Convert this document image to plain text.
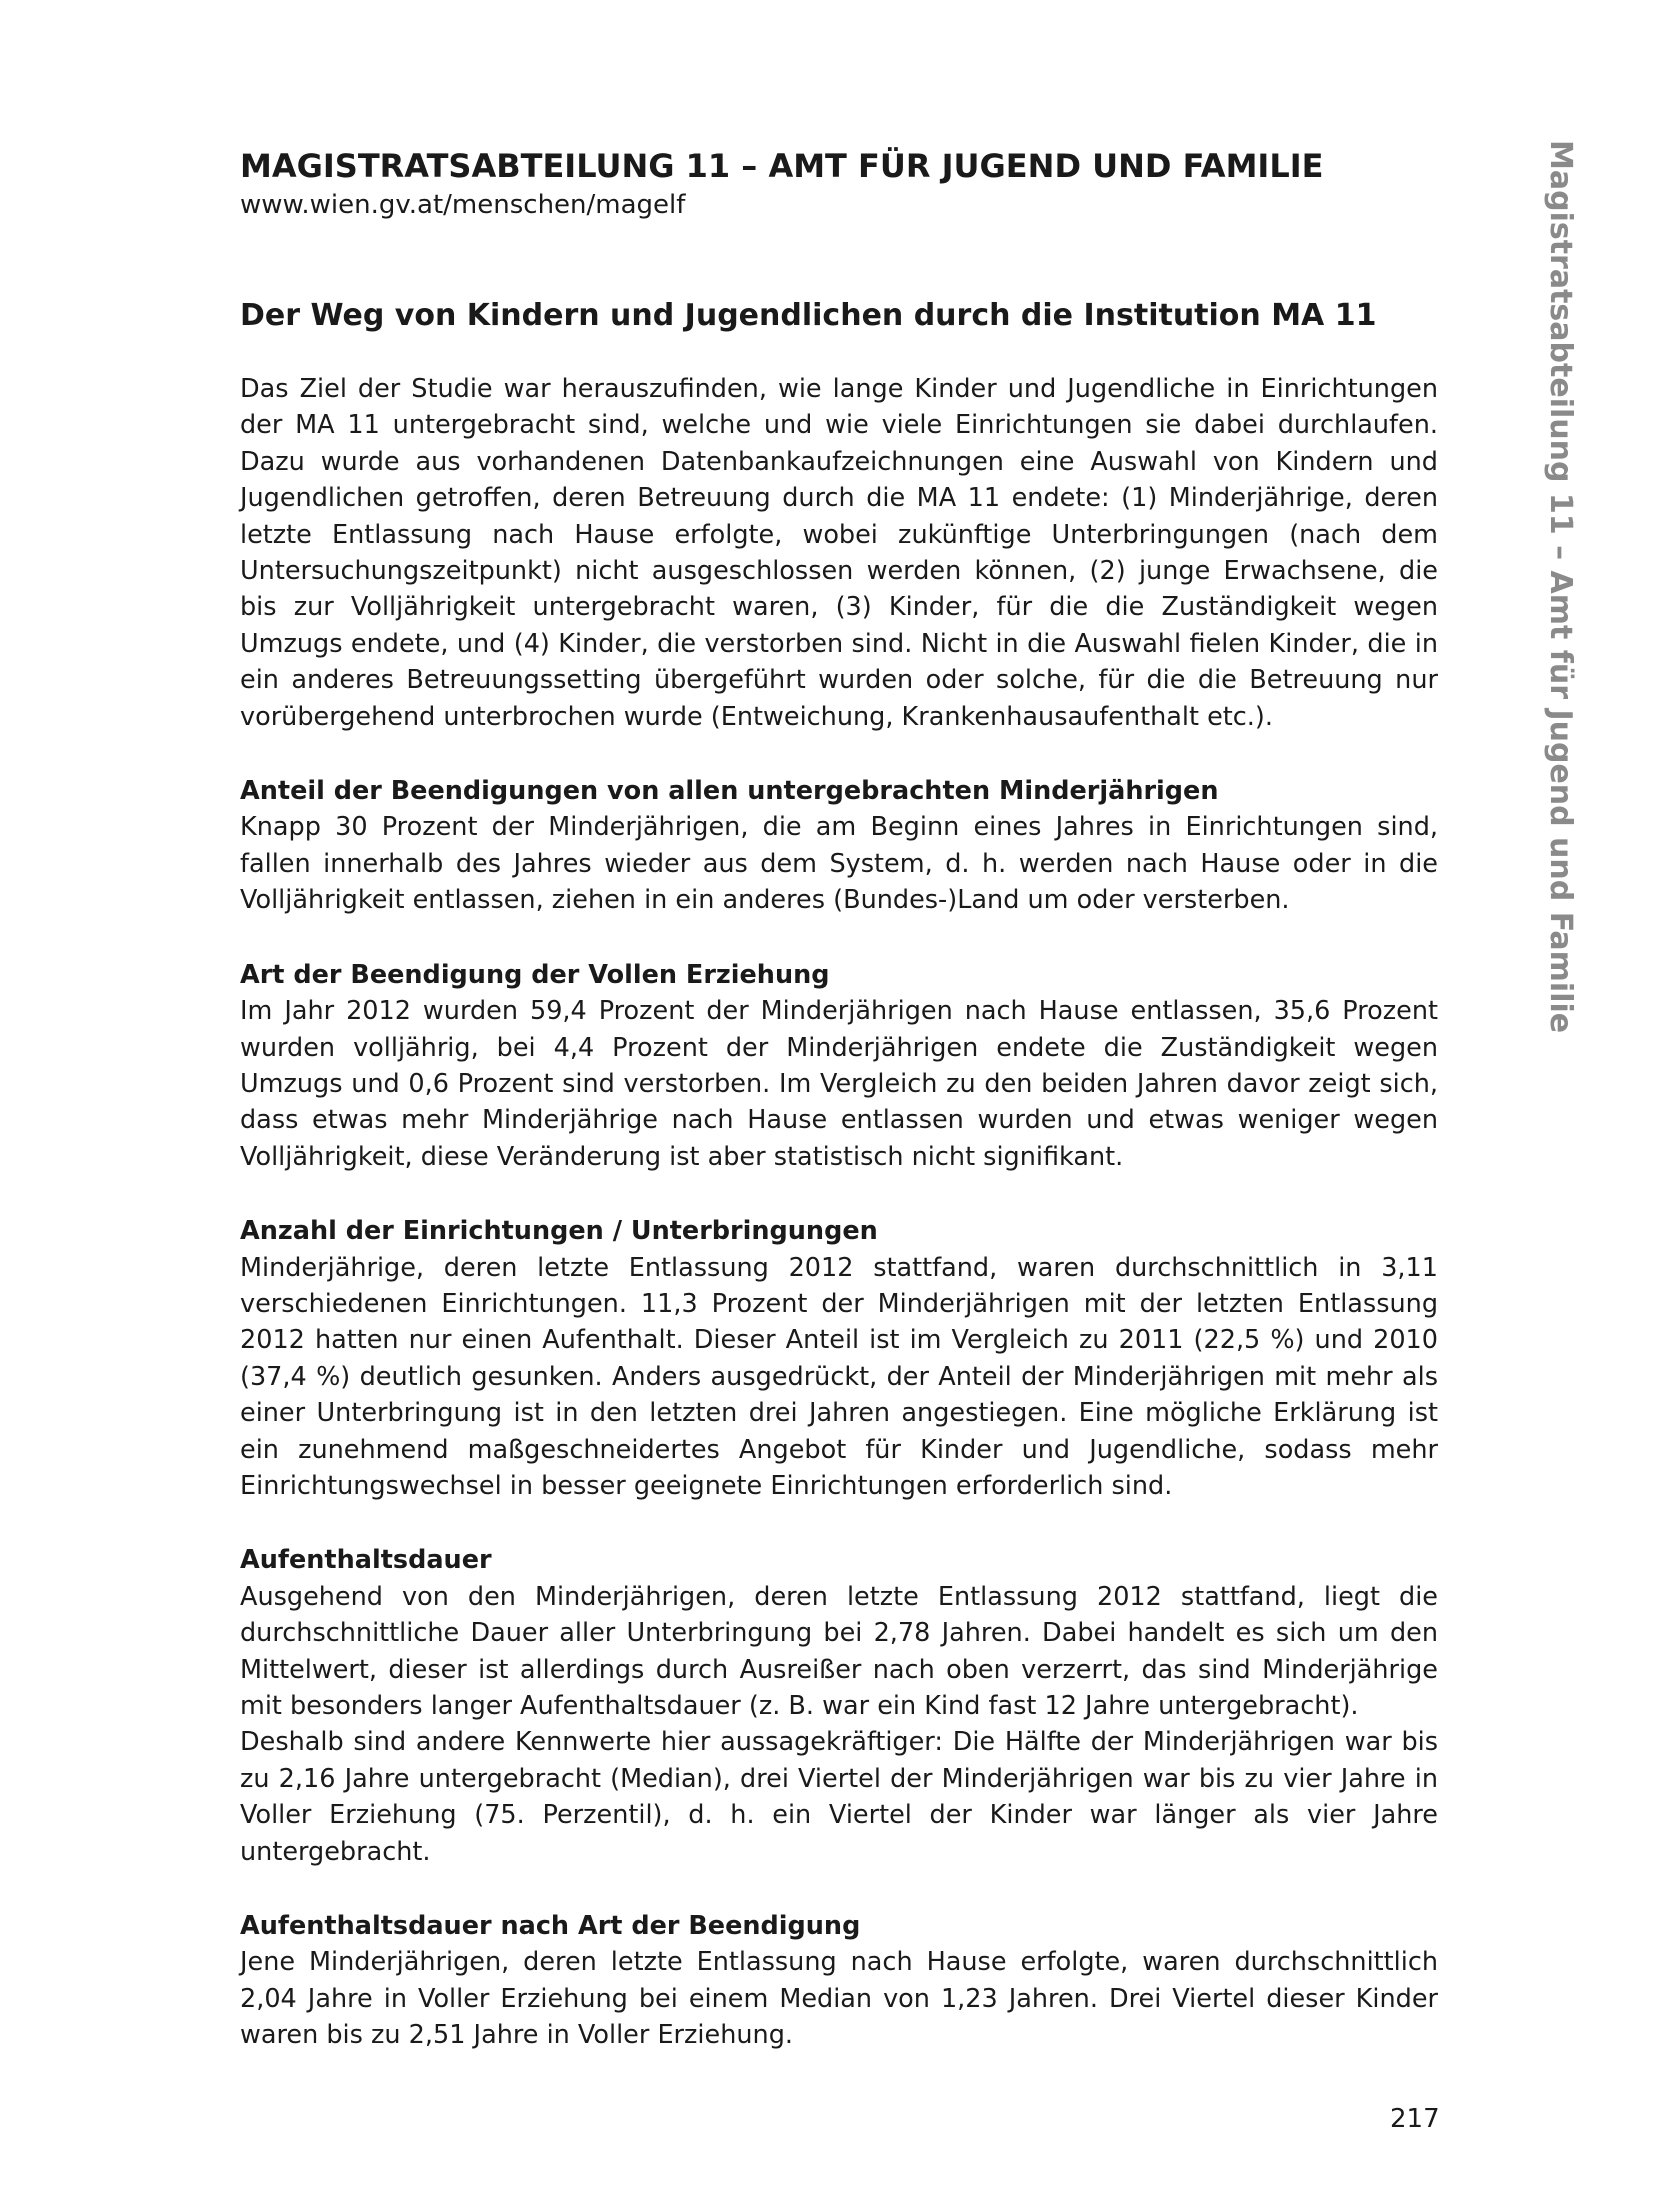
MAGISTRATSABTEILUNG 11 – AMT FÜR JUGEND UND FAMILIE
www.wien.gv.at/menschen/magelf
Der Weg von Kindern und Jugendlichen durch die Institution MA 11

Das Ziel der Studie war herauszufinden, wie lange Kinder und Jugendliche in Einrichtungen der MA 11 untergebracht sind, welche und wie viele Einrichtungen sie dabei durchlaufen. Dazu wurde aus vorhandenen Datenbankaufzeichnungen eine Auswahl von Kindern und Jugendlichen getroffen, deren Betreuung durch die MA 11 endete: (1) Minderjährige, deren letzte Entlassung nach Hause erfolgte, wobei zukünftige Unterbringungen (nach dem Untersuchungszeitpunkt) nicht ausgeschlossen werden können, (2) junge Erwachsene, die bis zur Volljährigkeit untergebracht waren, (3) Kinder, für die die Zuständigkeit wegen Umzugs endete, und (4) Kinder, die verstorben sind. Nicht in die Auswahl fielen Kinder, die in ein anderes Betreuungssetting übergeführt wurden oder solche, für die die Betreuung nur vorübergehend unterbrochen wurde (Entweichung, Krankenhausaufenthalt etc.).

Anteil der Beendigungen von allen untergebrachten Minderjährigen

Knapp 30 Prozent der Minderjährigen, die am Beginn eines Jahres in Einrichtungen sind, fallen innerhalb des Jahres wieder aus dem System, d. h. werden nach Hause oder in die Volljährigkeit entlassen, ziehen in ein anderes (Bundes-)Land um oder versterben.

Art der Beendigung der Vollen Erziehung

Im Jahr 2012 wurden 59,4 Prozent der Minderjährigen nach Hause entlassen, 35,6 Prozent wurden volljährig, bei 4,4 Prozent der Minderjährigen endete die Zuständigkeit wegen Umzugs und 0,6 Prozent sind verstorben. Im Vergleich zu den beiden Jahren davor zeigt sich, dass etwas mehr Minderjährige nach Hause entlassen wurden und etwas weniger wegen Volljährigkeit, diese Veränderung ist aber statistisch nicht signifikant.

Anzahl der Einrichtungen / Unterbringungen

Minderjährige, deren letzte Entlassung 2012 stattfand, waren durchschnittlich in 3,11 verschiedenen Einrichtungen. 11,3 Prozent der Minderjährigen mit der letzten Entlassung 2012 hatten nur einen Aufenthalt. Dieser Anteil ist im Vergleich zu 2011 (22,5 %) und 2010 (37,4 %) deutlich gesunken. Anders ausgedrückt, der Anteil der Minderjährigen mit mehr als einer Unterbringung ist in den letzten drei Jahren angestiegen. Eine mögliche Erklärung ist ein zunehmend maßgeschneidertes Angebot für Kinder und Jugendliche, sodass mehr Einrichtungswechsel in besser geeignete Einrichtungen erforderlich sind.

Aufenthaltsdauer

Ausgehend von den Minderjährigen, deren letzte Entlassung 2012 stattfand, liegt die durchschnittliche Dauer aller Unterbringung bei 2,78 Jahren. Dabei handelt es sich um den Mittelwert, dieser ist allerdings durch Ausreißer nach oben verzerrt, das sind Minderjährige mit besonders langer Aufenthaltsdauer (z. B. war ein Kind fast 12 Jahre untergebracht).

Deshalb sind andere Kennwerte hier aussagekräftiger: Die Hälfte der Minderjährigen war bis zu 2,16 Jahre untergebracht (Median), drei Viertel der Minderjährigen war bis zu vier Jahre in Voller Erziehung (75. Perzentil), d. h. ein Viertel der Kinder war länger als vier Jahre untergebracht.

Aufenthaltsdauer nach Art der Beendigung

Jene Minderjährigen, deren letzte Entlassung nach Hause erfolgte, waren durchschnittlich 2,04 Jahre in Voller Erziehung bei einem Median von 1,23 Jahren. Drei Viertel dieser Kinder waren bis zu 2,51 Jahre in Voller Erziehung.

Magistratsabteilung 11 – Amt für Jugend und Familie
217
